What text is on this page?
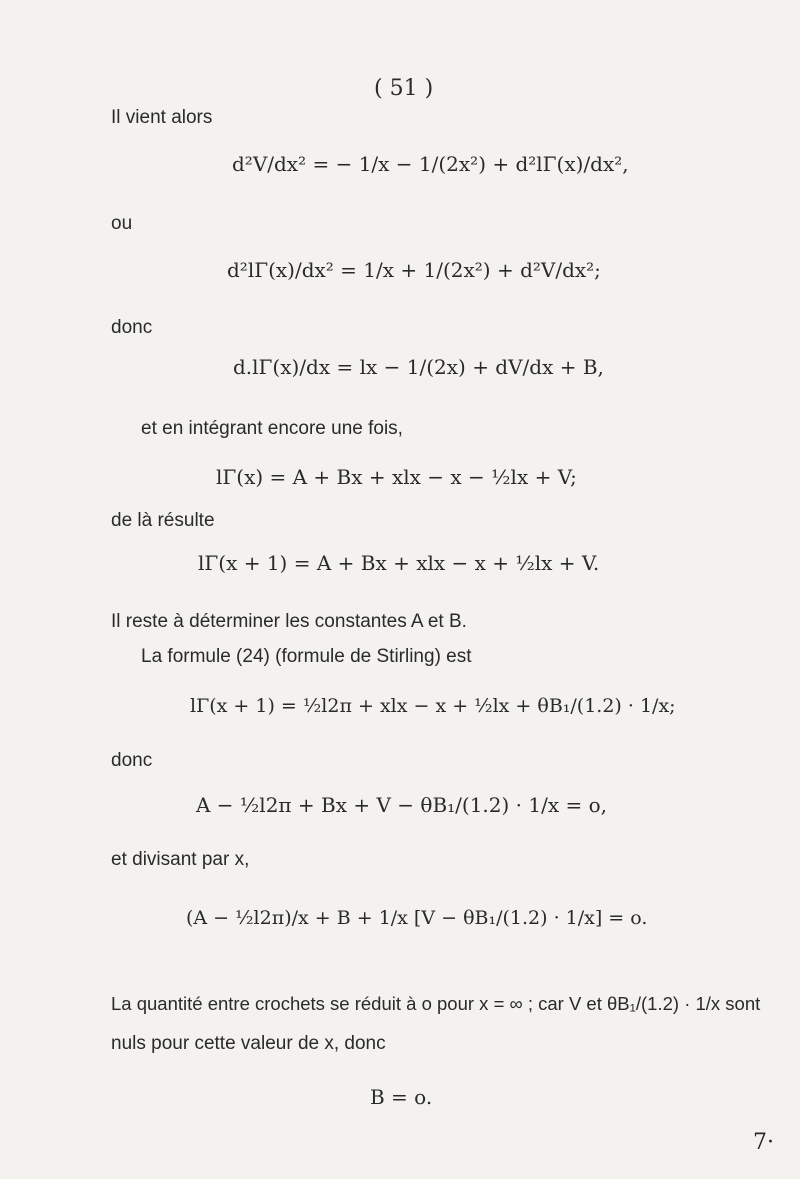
( 51 )
Il vient alors
d²V/dx² = − 1/x − 1/(2x²) + d²lΓ(x)/dx²,
ou
d²lΓ(x)/dx² = 1/x + 1/(2x²) + d²V/dx²;
donc
d.lΓ(x)/dx = lx − 1/(2x) + dV/dx + B,
et en intégrant encore une fois,
lΓ(x) = A + Bx + xlx − x − ½lx + V;
de là résulte
lΓ(x + 1) = A + Bx + xlx − x + ½lx + V.
Il reste à déterminer les constantes A et B.
La formule (24) (formule de Stirling) est
lΓ(x + 1) = ½l2π + xlx − x + ½lx + θB₁/(1.2) · 1/x;
donc
A − ½l2π + Bx + V − θB₁/(1.2) · 1/x = o,
et divisant par x,
(A − ½l2π)/x + B + 1/x [V − θB₁/(1.2) · 1/x] = o.
La quantité entre crochets se réduit à o pour x = ∞ ; car V et θB₁/(1.2) · 1/x sont
nuls pour cette valeur de x, donc
B = o.
7·
